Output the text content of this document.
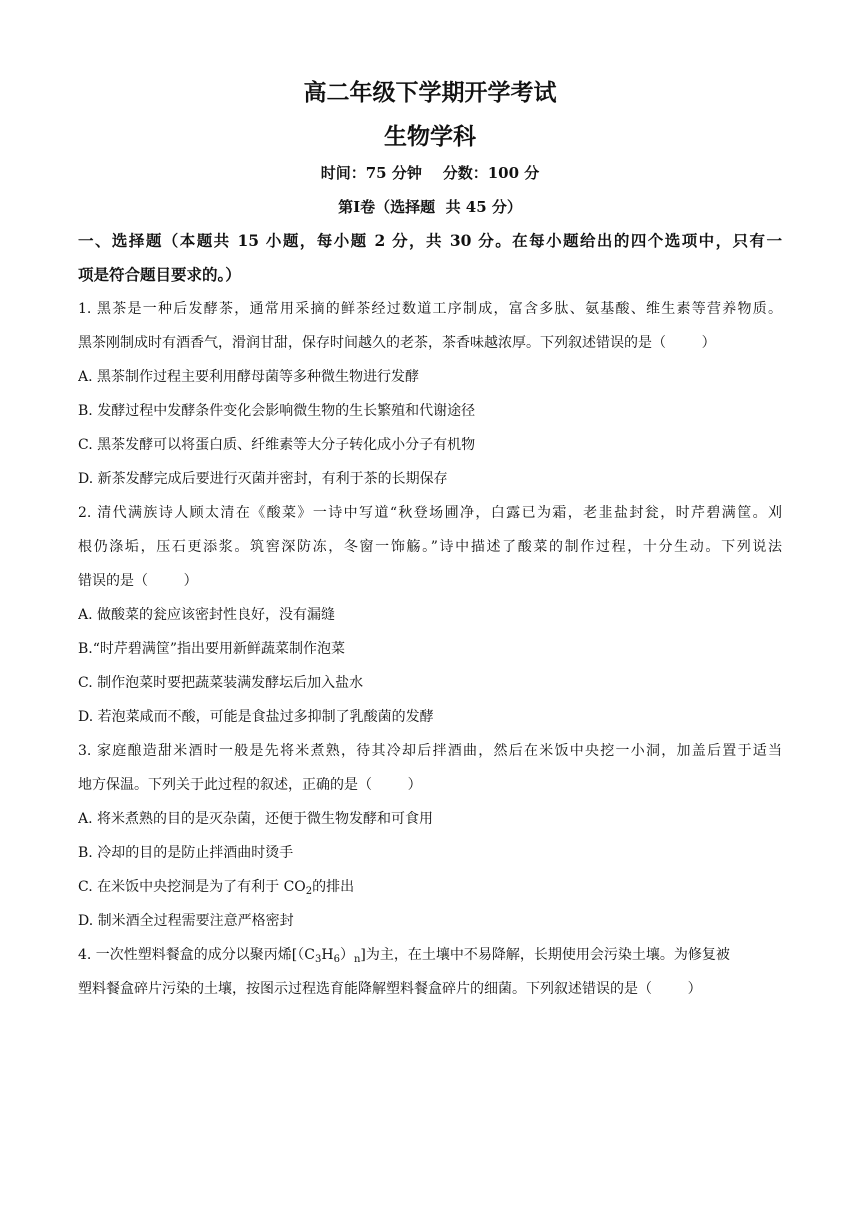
高二年级下学期开学考试
生物学科
时间：75 分钟    分数：100 分
第Ⅰ卷（选择题  共 45 分）
一、选择题（本题共 15 小题，每小题 2 分，共 30 分。在每小题给出的四个选项中，只有一
项是符合题目要求的。）
1. 黑茶是一种后发酵茶，通常用采摘的鲜茶经过数道工序制成，富含多肽、氨基酸、维生素等营养物质。
黑茶刚制成时有酒香气，滑润甘甜，保存时间越久的老茶，茶香味越浓厚。下列叙述错误的是（        ）
A. 黑茶制作过程主要利用酵母菌等多种微生物进行发酵
B. 发酵过程中发酵条件变化会影响微生物的生长繁殖和代谢途径
C. 黑茶发酵可以将蛋白质、纤维素等大分子转化成小分子有机物
D. 新茶发酵完成后要进行灭菌并密封，有利于茶的长期保存
2. 清代满族诗人顾太清在《酸菜》一诗中写道“秋登场圃净，白露已为霜，老韭盐封瓮，时芹碧满筐。刈
根仍涤垢，压石更添浆。筑窖深防冻，冬窗一饰觞。”诗中描述了酸菜的制作过程，十分生动。下列说法
错误的是（        ）
A. 做酸菜的瓮应该密封性良好，没有漏缝
B.“时芹碧满筐”指出要用新鲜蔬菜制作泡菜
C. 制作泡菜时要把蔬菜装满发酵坛后加入盐水
D. 若泡菜咸而不酸，可能是食盐过多抑制了乳酸菌的发酵
3. 家庭酿造甜米酒时一般是先将米煮熟，待其冷却后拌酒曲，然后在米饭中央挖一小洞，加盖后置于适当
地方保温。下列关于此过程的叙述，正确的是（        ）
A. 将米煮熟的目的是灭杂菌，还便于微生物发酵和可食用
B. 冷却的目的是防止拌酒曲时烫手
C. 在米饭中央挖洞是为了有利于 $CO_2$的排出
D. 制米酒全过程需要注意严格密封
4. 一次性塑料餐盒的成分以聚丙烯$[(C_3H_6)_n]$为主，在土壤中不易降解，长期使用会污染土壤。为修复被
塑料餐盒碎片污染的土壤，按图示过程选育能降解塑料餐盒碎片的细菌。下列叙述错误的是（        ）
